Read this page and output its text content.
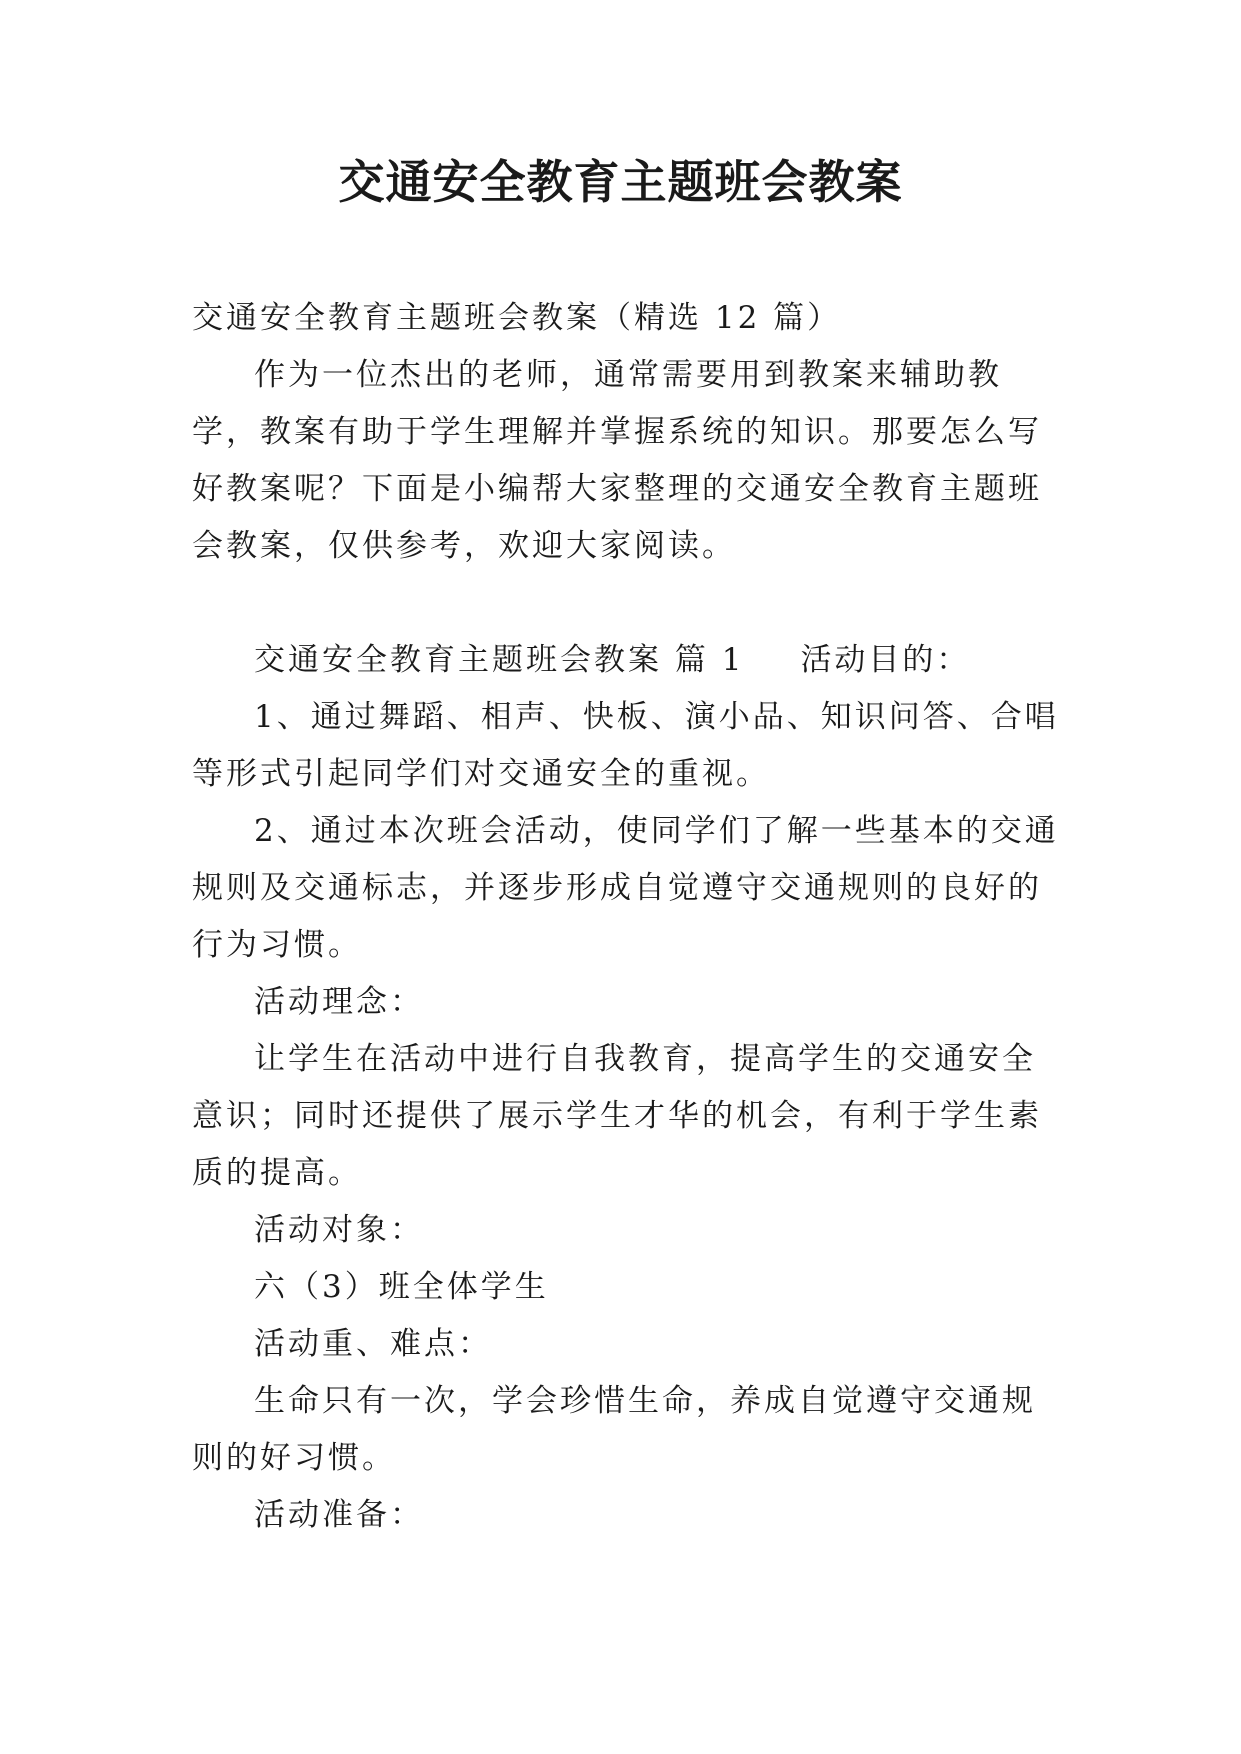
交通安全教育主题班会教案

交通安全教育主题班会教案（精选 12 篇）

作为一位杰出的老师，通常需要用到教案来辅助教学，教案有助于学生理解并掌握系统的知识。那要怎么写好教案呢？下面是小编帮大家整理的交通安全教育主题班会教案，仅供参考，欢迎大家阅读。

交通安全教育主题班会教案 篇 1 活动目的：

1、通过舞蹈、相声、快板、演小品、知识问答、合唱等形式引起同学们对交通安全的重视。

2、通过本次班会活动，使同学们了解一些基本的交通规则及交通标志，并逐步形成自觉遵守交通规则的良好的行为习惯。

活动理念：

让学生在活动中进行自我教育，提高学生的交通安全意识；同时还提供了展示学生才华的机会，有利于学生素质的提高。

活动对象：

六（3）班全体学生

活动重、难点：

生命只有一次，学会珍惜生命，养成自觉遵守交通规则的好习惯。

活动准备：
